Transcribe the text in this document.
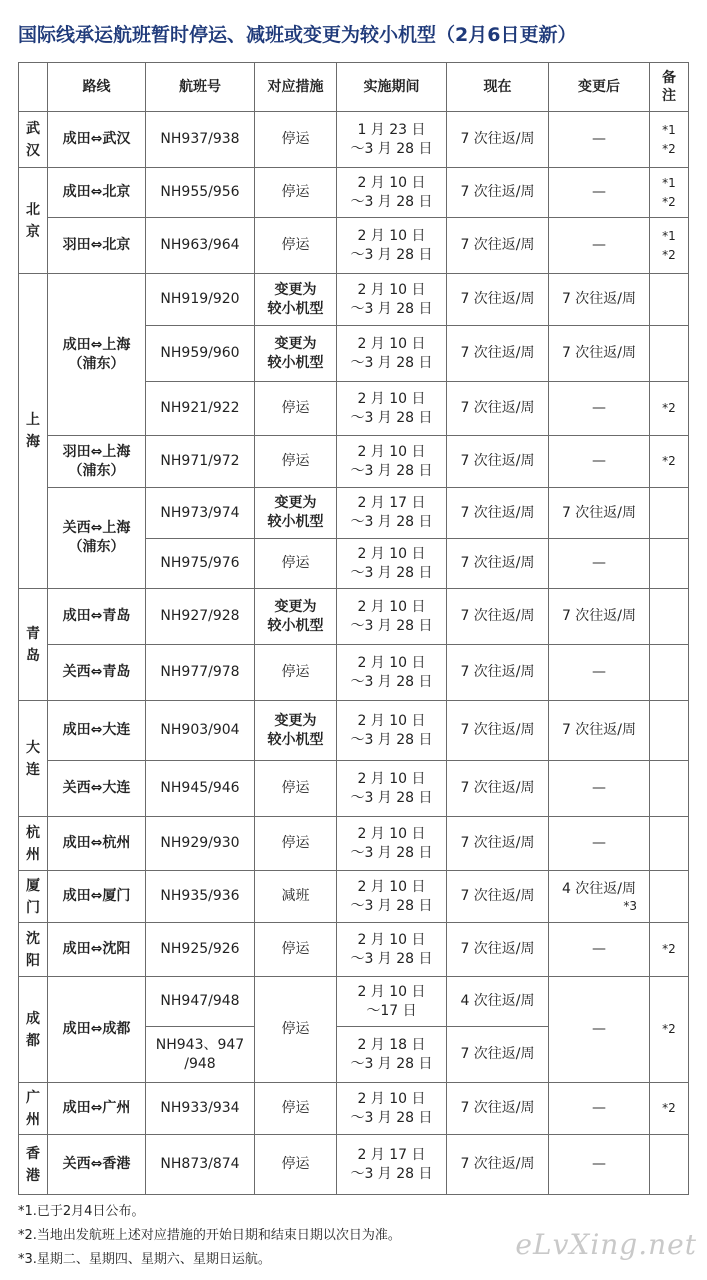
国际线承运航班暂时停运、减班或变更为较小机型（2月6日更新）
	路线	航班号	对应措施	实施期间	现在	变更后	备注

武汉	成田⇔武汉	NH937/938	停运	1 月 23 日
～3 月 28 日	7 次往返/周	—	*1
*2

北京	成田⇔北京	NH955/956	停运	2 月 10 日
～3 月 28 日	7 次往返/周	—	*1
*2

	羽田⇔北京	NH963/964	停运	2 月 10 日
～3 月 28 日	7 次往返/周	—	*1
*2

上海	成田⇔上海
（浦东）	NH919/920	变更为
较小机型	2 月 10 日
～3 月 28 日	7 次往返/周	7 次往返/周	
		NH959/960	变更为
较小机型	2 月 10 日
～3 月 28 日	7 次往返/周	7 次往返/周	
		NH921/922	停运	2 月 10 日
～3 月 28 日	7 次往返/周	—	*2

	羽田⇔上海
（浦东）	NH971/972	停运	2 月 10 日
～3 月 28 日	7 次往返/周	—	*2

	关西⇔上海
（浦东）	NH973/974	变更为
较小机型	2 月 17 日
～3 月 28 日	7 次往返/周	7 次往返/周	
		NH975/976	停运	2 月 10 日
～3 月 28 日	7 次往返/周	—	

青岛	成田⇔青岛	NH927/928	变更为
较小机型	2 月 10 日
～3 月 28 日	7 次往返/周	7 次往返/周	
	关西⇔青岛	NH977/978	停运	2 月 10 日
～3 月 28 日	7 次往返/周	—	

大连	成田⇔大连	NH903/904	变更为
较小机型	2 月 10 日
～3 月 28 日	7 次往返/周	7 次往返/周	
	关西⇔大连	NH945/946	停运	2 月 10 日
～3 月 28 日	7 次往返/周	—	

杭州	成田⇔杭州	NH929/930	停运	2 月 10 日
～3 月 28 日	7 次往返/周	—	

厦门	成田⇔厦门	NH935/936	减班	2 月 10 日
～3 月 28 日	7 次往返/周	4 次往返/周
*3	

沈阳	成田⇔沈阳	NH925/926	停运	2 月 10 日
～3 月 28 日	7 次往返/周	—	*2

成都	成田⇔成都	NH947/948	停运	2 月 10 日
～17 日	4 次往返/周	—	*2

		NH943、947
/948		2 月 18 日
～3 月 28 日	7 次往返/周		

广州	成田⇔广州	NH933/934	停运	2 月 10 日
～3 月 28 日	7 次往返/周	—	*2

香港	关西⇔香港	NH873/874	停运	2 月 17 日
～3 月 28 日	7 次往返/周	—	
*1.已于2月4日公布。
*2.当地出发航班上述对应措施的开始日期和结束日期以次日为准。
*3.星期二、星期四、星期六、星期日运航。	eLvXing.net
